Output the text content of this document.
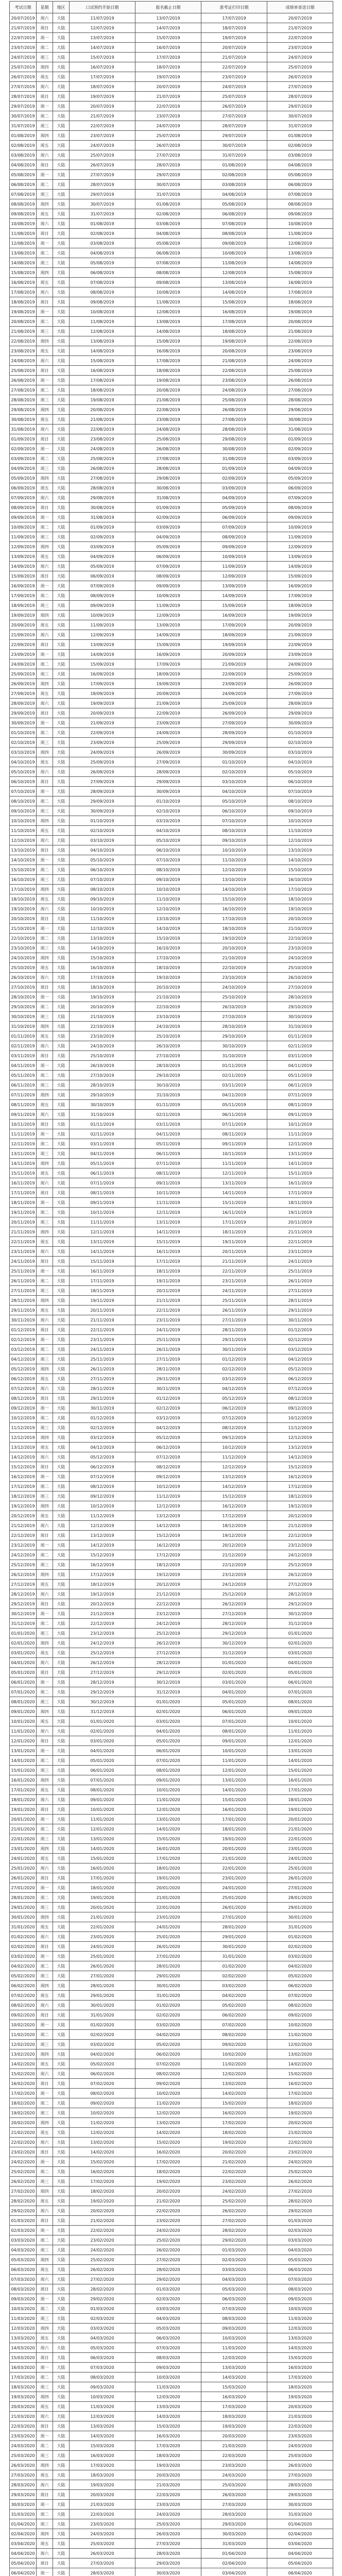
考试日期	星期	地区	口试预约开始日期	报名截止日期	准考证打印日期	成绩单寄送日期
20/07/2019	周六	大陆	11/07/2019	13/07/2019	17/07/2019	20/07/2019
21/07/2019	周日	大陆	12/07/2019	14/07/2019	18/07/2019	21/07/2019
22/07/2019	周一	大陆	13/07/2019	15/07/2019	19/07/2019	22/07/2019
23/07/2019	周二	大陆	14/07/2019	16/07/2019	20/07/2019	23/07/2019
24/07/2019	周三	大陆	15/07/2019	17/07/2019	21/07/2019	24/07/2019
25/07/2019	周四	大陆	16/07/2019	18/07/2019	22/07/2019	25/07/2019
26/07/2019	周五	大陆	17/07/2019	19/07/2019	23/07/2019	26/07/2019
27/07/2019	周六	大陆	18/07/2019	20/07/2019	24/07/2019	27/07/2019
28/07/2019	周日	大陆	19/07/2019	21/07/2019	25/07/2019	28/07/2019
29/07/2019	周一	大陆	20/07/2019	22/07/2019	26/07/2019	29/07/2019
30/07/2019	周二	大陆	21/07/2019	23/07/2019	27/07/2019	30/07/2019
31/07/2019	周三	大陆	22/07/2019	24/07/2019	28/07/2019	31/07/2019
01/08/2019	周四	大陆	23/07/2019	25/07/2019	29/07/2019	01/08/2019
02/08/2019	周五	大陆	24/07/2019	26/07/2019	30/07/2019	02/08/2019
03/08/2019	周六	大陆	25/07/2019	27/07/2019	31/07/2019	03/08/2019
04/08/2019	周日	大陆	26/07/2019	28/07/2019	01/08/2019	04/08/2019
05/08/2019	周一	大陆	27/07/2019	29/07/2019	02/08/2019	05/08/2019
06/08/2019	周二	大陆	28/07/2019	30/07/2019	03/08/2019	06/08/2019
07/08/2019	周三	大陆	29/07/2019	31/07/2019	04/08/2019	07/08/2019
08/08/2019	周四	大陆	30/07/2019	01/08/2019	05/08/2019	08/08/2019
09/08/2019	周五	大陆	31/07/2019	02/08/2019	06/08/2019	09/08/2019
10/08/2019	周六	大陆	01/08/2019	03/08/2019	07/08/2019	10/08/2019
11/08/2019	周日	大陆	02/08/2019	04/08/2019	08/08/2019	11/08/2019
12/08/2019	周一	大陆	03/08/2019	05/08/2019	09/08/2019	12/08/2019
13/08/2019	周二	大陆	04/08/2019	06/08/2019	10/08/2019	13/08/2019
14/08/2019	周三	大陆	05/08/2019	07/08/2019	11/08/2019	14/08/2019
15/08/2019	周四	大陆	06/08/2019	08/08/2019	12/08/2019	15/08/2019
16/08/2019	周五	大陆	07/08/2019	09/08/2019	13/08/2019	16/08/2019
17/08/2019	周六	大陆	08/08/2019	10/08/2019	14/08/2019	17/08/2019
18/08/2019	周日	大陆	09/08/2019	11/08/2019	15/08/2019	18/08/2019
19/08/2019	周一	大陆	10/08/2019	12/08/2019	16/08/2019	19/08/2019
20/08/2019	周二	大陆	11/08/2019	13/08/2019	17/08/2019	20/08/2019
21/08/2019	周三	大陆	12/08/2019	14/08/2019	18/08/2019	21/08/2019
22/08/2019	周四	大陆	13/08/2019	15/08/2019	19/08/2019	22/08/2019
23/08/2019	周五	大陆	14/08/2019	16/08/2019	20/08/2019	23/08/2019
24/08/2019	周六	大陆	15/08/2019	17/08/2019	21/08/2019	24/08/2019
25/08/2019	周日	大陆	16/08/2019	18/08/2019	22/08/2019	25/08/2019
26/08/2019	周一	大陆	17/08/2019	19/08/2019	23/08/2019	26/08/2019
27/08/2019	周二	大陆	18/08/2019	20/08/2019	24/08/2019	27/08/2019
28/08/2019	周三	大陆	19/08/2019	21/08/2019	25/08/2019	28/08/2019
29/08/2019	周四	大陆	20/08/2019	22/08/2019	26/08/2019	29/08/2019
30/08/2019	周五	大陆	21/08/2019	23/08/2019	27/08/2019	30/08/2019
31/08/2019	周六	大陆	22/08/2019	24/08/2019	28/08/2019	31/08/2019
01/09/2019	周日	大陆	23/08/2019	25/08/2019	29/08/2019	01/09/2019
02/09/2019	周一	大陆	24/08/2019	26/08/2019	30/08/2019	02/09/2019
03/09/2019	周二	大陆	25/08/2019	27/08/2019	31/08/2019	03/09/2019
04/09/2019	周三	大陆	26/08/2019	28/08/2019	01/09/2019	04/09/2019
05/09/2019	周四	大陆	27/08/2019	29/08/2019	02/09/2019	05/09/2019
06/09/2019	周五	大陆	28/08/2019	30/08/2019	03/09/2019	06/09/2019
07/09/2019	周六	大陆	29/08/2019	31/08/2019	04/09/2019	07/09/2019
08/09/2019	周日	大陆	30/08/2019	01/09/2019	05/09/2019	08/09/2019
09/09/2019	周一	大陆	31/08/2019	02/09/2019	06/09/2019	09/09/2019
10/09/2019	周二	大陆	01/09/2019	03/09/2019	07/09/2019	10/09/2019
11/09/2019	周三	大陆	02/09/2019	04/09/2019	08/09/2019	11/09/2019
12/09/2019	周四	大陆	03/09/2019	05/09/2019	09/09/2019	12/09/2019
13/09/2019	周五	大陆	04/09/2019	06/09/2019	10/09/2019	13/09/2019
14/09/2019	周六	大陆	05/09/2019	07/09/2019	11/09/2019	14/09/2019
15/09/2019	周日	大陆	06/09/2019	08/09/2019	12/09/2019	15/09/2019
16/09/2019	周一	大陆	07/09/2019	09/09/2019	13/09/2019	16/09/2019
17/09/2019	周二	大陆	08/09/2019	10/09/2019	14/09/2019	17/09/2019
18/09/2019	周三	大陆	09/09/2019	11/09/2019	15/09/2019	18/09/2019
19/09/2019	周四	大陆	10/09/2019	12/09/2019	16/09/2019	19/09/2019
20/09/2019	周五	大陆	11/09/2019	13/09/2019	17/09/2019	20/09/2019
21/09/2019	周六	大陆	12/09/2019	14/09/2019	18/09/2019	21/09/2019
22/09/2019	周日	大陆	13/09/2019	15/09/2019	19/09/2019	22/09/2019
23/09/2019	周一	大陆	14/09/2019	16/09/2019	20/09/2019	23/09/2019
24/09/2019	周二	大陆	15/09/2019	17/09/2019	21/09/2019	24/09/2019
25/09/2019	周三	大陆	16/09/2019	18/09/2019	22/09/2019	25/09/2019
26/09/2019	周四	大陆	17/09/2019	19/09/2019	23/09/2019	26/09/2019
27/09/2019	周五	大陆	18/09/2019	20/09/2019	24/09/2019	27/09/2019
28/09/2019	周六	大陆	19/09/2019	21/09/2019	25/09/2019	28/09/2019
29/09/2019	周日	大陆	20/09/2019	22/09/2019	26/09/2019	29/09/2019
30/09/2019	周一	大陆	21/09/2019	23/09/2019	27/09/2019	30/09/2019
01/10/2019	周二	大陆	22/09/2019	24/09/2019	28/09/2019	01/10/2019
02/10/2019	周三	大陆	23/09/2019	25/09/2019	29/09/2019	02/10/2019
03/10/2019	周四	大陆	24/09/2019	26/09/2019	30/09/2019	03/10/2019
04/10/2019	周五	大陆	25/09/2019	27/09/2019	01/10/2019	04/10/2019
05/10/2019	周六	大陆	26/09/2019	28/09/2019	02/10/2019	05/10/2019
06/10/2019	周日	大陆	27/09/2019	29/09/2019	03/10/2019	06/10/2019
07/10/2019	周一	大陆	28/09/2019	30/09/2019	04/10/2019	07/10/2019
08/10/2019	周二	大陆	29/09/2019	01/10/2019	05/10/2019	08/10/2019
09/10/2019	周三	大陆	30/09/2019	02/10/2019	06/10/2019	09/10/2019
10/10/2019	周四	大陆	01/10/2019	03/10/2019	07/10/2019	10/10/2019
11/10/2019	周五	大陆	02/10/2019	04/10/2019	08/10/2019	11/10/2019
12/10/2019	周六	大陆	03/10/2019	05/10/2019	09/10/2019	12/10/2019
13/10/2019	周日	大陆	04/10/2019	06/10/2019	10/10/2019	13/10/2019
14/10/2019	周一	大陆	05/10/2019	07/10/2019	11/10/2019	14/10/2019
15/10/2019	周二	大陆	06/10/2019	08/10/2019	12/10/2019	15/10/2019
16/10/2019	周三	大陆	07/10/2019	09/10/2019	13/10/2019	16/10/2019
17/10/2019	周四	大陆	08/10/2019	10/10/2019	14/10/2019	17/10/2019
18/10/2019	周五	大陆	09/10/2019	11/10/2019	15/10/2019	18/10/2019
19/10/2019	周六	大陆	10/10/2019	12/10/2019	16/10/2019	19/10/2019
20/10/2019	周日	大陆	11/10/2019	13/10/2019	17/10/2019	20/10/2019
21/10/2019	周一	大陆	12/10/2019	14/10/2019	18/10/2019	21/10/2019
22/10/2019	周二	大陆	13/10/2019	15/10/2019	19/10/2019	22/10/2019
23/10/2019	周三	大陆	14/10/2019	16/10/2019	20/10/2019	23/10/2019
24/10/2019	周四	大陆	15/10/2019	17/10/2019	21/10/2019	24/10/2019
25/10/2019	周五	大陆	16/10/2019	18/10/2019	22/10/2019	25/10/2019
26/10/2019	周六	大陆	17/10/2019	19/10/2019	23/10/2019	26/10/2019
27/10/2019	周日	大陆	18/10/2019	20/10/2019	24/10/2019	27/10/2019
28/10/2019	周一	大陆	19/10/2019	21/10/2019	25/10/2019	28/10/2019
29/10/2019	周二	大陆	20/10/2019	22/10/2019	26/10/2019	29/10/2019
30/10/2019	周三	大陆	21/10/2019	23/10/2019	27/10/2019	30/10/2019
31/10/2019	周四	大陆	22/10/2019	24/10/2019	28/10/2019	31/10/2019
01/11/2019	周五	大陆	23/10/2019	25/10/2019	29/10/2019	01/11/2019
02/11/2019	周六	大陆	24/10/2019	26/10/2019	30/10/2019	02/11/2019
03/11/2019	周日	大陆	25/10/2019	27/10/2019	31/10/2019	03/11/2019
04/11/2019	周一	大陆	26/10/2019	28/10/2019	01/11/2019	04/11/2019
05/11/2019	周二	大陆	27/10/2019	29/10/2019	02/11/2019	05/11/2019
06/11/2019	周三	大陆	28/10/2019	30/10/2019	03/11/2019	06/11/2019
07/11/2019	周四	大陆	29/10/2019	31/10/2019	04/11/2019	07/11/2019
08/11/2019	周五	大陆	30/10/2019	01/11/2019	05/11/2019	08/11/2019
09/11/2019	周六	大陆	31/10/2019	02/11/2019	06/11/2019	09/11/2019
10/11/2019	周日	大陆	01/11/2019	03/11/2019	07/11/2019	10/11/2019
11/11/2019	周一	大陆	02/11/2019	04/11/2019	08/11/2019	11/11/2019
12/11/2019	周二	大陆	03/11/2019	05/11/2019	09/11/2019	12/11/2019
13/11/2019	周三	大陆	04/11/2019	06/11/2019	10/11/2019	13/11/2019
14/11/2019	周四	大陆	05/11/2019	07/11/2019	11/11/2019	14/11/2019
15/11/2019	周五	大陆	06/11/2019	08/11/2019	12/11/2019	15/11/2019
16/11/2019	周六	大陆	07/11/2019	09/11/2019	13/11/2019	16/11/2019
17/11/2019	周日	大陆	08/11/2019	10/11/2019	14/11/2019	17/11/2019
18/11/2019	周一	大陆	09/11/2019	11/11/2019	15/11/2019	18/11/2019
19/11/2019	周二	大陆	10/11/2019	12/11/2019	16/11/2019	19/11/2019
20/11/2019	周三	大陆	11/11/2019	13/11/2019	17/11/2019	20/11/2019
21/11/2019	周四	大陆	12/11/2019	14/11/2019	18/11/2019	21/11/2019
22/11/2019	周五	大陆	13/11/2019	15/11/2019	19/11/2019	22/11/2019
23/11/2019	周六	大陆	14/11/2019	16/11/2019	20/11/2019	23/11/2019
24/11/2019	周日	大陆	15/11/2019	17/11/2019	21/11/2019	24/11/2019
25/11/2019	周一	大陆	16/11/2019	18/11/2019	22/11/2019	25/11/2019
26/11/2019	周二	大陆	17/11/2019	19/11/2019	23/11/2019	26/11/2019
27/11/2019	周三	大陆	18/11/2019	20/11/2019	24/11/2019	27/11/2019
28/11/2019	周四	大陆	19/11/2019	21/11/2019	25/11/2019	28/11/2019
29/11/2019	周五	大陆	20/11/2019	22/11/2019	26/11/2019	29/11/2019
30/11/2019	周六	大陆	21/11/2019	23/11/2019	27/11/2019	30/11/2019
01/12/2019	周日	大陆	22/11/2019	24/11/2019	28/11/2019	01/12/2019
02/12/2019	周一	大陆	23/11/2019	25/11/2019	29/11/2019	02/12/2019
03/12/2019	周二	大陆	24/11/2019	26/11/2019	30/11/2019	03/12/2019
04/12/2019	周三	大陆	25/11/2019	27/11/2019	01/12/2019	04/12/2019
05/12/2019	周四	大陆	26/11/2019	28/11/2019	02/12/2019	05/12/2019
06/12/2019	周五	大陆	27/11/2019	29/11/2019	03/12/2019	06/12/2019
07/12/2019	周六	大陆	28/11/2019	30/11/2019	04/12/2019	07/12/2019
08/12/2019	周日	大陆	29/11/2019	01/12/2019	05/12/2019	08/12/2019
09/12/2019	周一	大陆	30/11/2019	02/12/2019	06/12/2019	09/12/2019
10/12/2019	周二	大陆	01/12/2019	03/12/2019	07/12/2019	10/12/2019
11/12/2019	周三	大陆	02/12/2019	04/12/2019	08/12/2019	11/12/2019
12/12/2019	周四	大陆	03/12/2019	05/12/2019	09/12/2019	12/12/2019
13/12/2019	周五	大陆	04/12/2019	06/12/2019	10/12/2019	13/12/2019
14/12/2019	周六	大陆	05/12/2019	07/12/2019	11/12/2019	14/12/2019
15/12/2019	周日	大陆	06/12/2019	08/12/2019	12/12/2019	15/12/2019
16/12/2019	周一	大陆	07/12/2019	09/12/2019	13/12/2019	16/12/2019
17/12/2019	周二	大陆	08/12/2019	10/12/2019	14/12/2019	17/12/2019
18/12/2019	周三	大陆	09/12/2019	11/12/2019	15/12/2019	18/12/2019
19/12/2019	周四	大陆	10/12/2019	12/12/2019	16/12/2019	19/12/2019
20/12/2019	周五	大陆	11/12/2019	13/12/2019	17/12/2019	20/12/2019
21/12/2019	周六	大陆	12/12/2019	14/12/2019	18/12/2019	21/12/2019
22/12/2019	周日	大陆	13/12/2019	15/12/2019	19/12/2019	22/12/2019
23/12/2019	周一	大陆	14/12/2019	16/12/2019	20/12/2019	23/12/2019
24/12/2019	周二	大陆	15/12/2019	17/12/2019	21/12/2019	24/12/2019
25/12/2019	周三	大陆	16/12/2019	18/12/2019	22/12/2019	25/12/2019
26/12/2019	周四	大陆	17/12/2019	19/12/2019	23/12/2019	26/12/2019
27/12/2019	周五	大陆	18/12/2019	20/12/2019	24/12/2019	27/12/2019
28/12/2019	周六	大陆	19/12/2019	21/12/2019	25/12/2019	28/12/2019
29/12/2019	周日	大陆	20/12/2019	22/12/2019	26/12/2019	29/12/2019
30/12/2019	周一	大陆	21/12/2019	23/12/2019	27/12/2019	30/12/2019
31/12/2019	周二	大陆	22/12/2019	24/12/2019	28/12/2019	31/12/2019
01/01/2020	周三	大陆	23/12/2019	25/12/2019	29/12/2019	01/01/2020
02/01/2020	周四	大陆	24/12/2019	26/12/2019	30/12/2019	02/01/2020
03/01/2020	周五	大陆	25/12/2019	27/12/2019	31/12/2019	03/01/2020
04/01/2020	周六	大陆	26/12/2019	28/12/2019	01/01/2020	04/01/2020
05/01/2020	周日	大陆	27/12/2019	29/12/2019	02/01/2020	05/01/2020
06/01/2020	周一	大陆	28/12/2019	30/12/2019	03/01/2020	06/01/2020
07/01/2020	周二	大陆	29/12/2019	31/12/2019	04/01/2020	07/01/2020
08/01/2020	周三	大陆	30/12/2019	01/01/2020	05/01/2020	08/01/2020
09/01/2020	周四	大陆	31/12/2019	02/01/2020	06/01/2020	09/01/2020
10/01/2020	周五	大陆	01/01/2020	03/01/2020	07/01/2020	10/01/2020
11/01/2020	周六	大陆	02/01/2020	04/01/2020	08/01/2020	11/01/2020
12/01/2020	周日	大陆	03/01/2020	05/01/2020	09/01/2020	12/01/2020
13/01/2020	周一	大陆	04/01/2020	06/01/2020	10/01/2020	13/01/2020
14/01/2020	周二	大陆	05/01/2020	07/01/2020	11/01/2020	14/01/2020
15/01/2020	周三	大陆	06/01/2020	08/01/2020	12/01/2020	15/01/2020
16/01/2020	周四	大陆	07/01/2020	09/01/2020	13/01/2020	16/01/2020
17/01/2020	周五	大陆	08/01/2020	10/01/2020	14/01/2020	17/01/2020
18/01/2020	周六	大陆	09/01/2020	11/01/2020	15/01/2020	18/01/2020
19/01/2020	周日	大陆	10/01/2020	12/01/2020	16/01/2020	19/01/2020
20/01/2020	周一	大陆	11/01/2020	13/01/2020	17/01/2020	20/01/2020
21/01/2020	周二	大陆	12/01/2020	14/01/2020	18/01/2020	21/01/2020
22/01/2020	周三	大陆	13/01/2020	15/01/2020	19/01/2020	22/01/2020
23/01/2020	周四	大陆	14/01/2020	16/01/2020	20/01/2020	23/01/2020
24/01/2020	周五	大陆	15/01/2020	17/01/2020	21/01/2020	24/01/2020
25/01/2020	周六	大陆	16/01/2020	18/01/2020	22/01/2020	25/01/2020
26/01/2020	周日	大陆	17/01/2020	19/01/2020	23/01/2020	26/01/2020
27/01/2020	周一	大陆	18/01/2020	20/01/2020	24/01/2020	27/01/2020
28/01/2020	周二	大陆	19/01/2020	21/01/2020	25/01/2020	28/01/2020
29/01/2020	周三	大陆	20/01/2020	22/01/2020	26/01/2020	29/01/2020
30/01/2020	周四	大陆	21/01/2020	23/01/2020	27/01/2020	30/01/2020
31/01/2020	周五	大陆	22/01/2020	24/01/2020	28/01/2020	31/01/2020
01/02/2020	周六	大陆	23/01/2020	25/01/2020	29/01/2020	01/02/2020
02/02/2020	周日	大陆	24/01/2020	26/01/2020	30/01/2020	02/02/2020
03/02/2020	周一	大陆	25/01/2020	27/01/2020	31/01/2020	03/02/2020
04/02/2020	周二	大陆	26/01/2020	28/01/2020	01/02/2020	04/02/2020
05/02/2020	周三	大陆	27/01/2020	29/01/2020	02/02/2020	05/02/2020
06/02/2020	周四	大陆	28/01/2020	30/01/2020	03/02/2020	06/02/2020
07/02/2020	周五	大陆	29/01/2020	31/01/2020	04/02/2020	07/02/2020
08/02/2020	周六	大陆	30/01/2020	01/02/2020	05/02/2020	08/02/2020
09/02/2020	周日	大陆	31/01/2020	02/02/2020	06/02/2020	09/02/2020
10/02/2020	周一	大陆	01/02/2020	03/02/2020	07/02/2020	10/02/2020
11/02/2020	周二	大陆	02/02/2020	04/02/2020	08/02/2020	11/02/2020
12/02/2020	周三	大陆	03/02/2020	05/02/2020	09/02/2020	12/02/2020
13/02/2020	周四	大陆	04/02/2020	06/02/2020	10/02/2020	13/02/2020
14/02/2020	周五	大陆	05/02/2020	07/02/2020	11/02/2020	14/02/2020
15/02/2020	周六	大陆	06/02/2020	08/02/2020	12/02/2020	15/02/2020
16/02/2020	周日	大陆	07/02/2020	09/02/2020	13/02/2020	16/02/2020
17/02/2020	周一	大陆	08/02/2020	10/02/2020	14/02/2020	17/02/2020
18/02/2020	周二	大陆	09/02/2020	11/02/2020	15/02/2020	18/02/2020
19/02/2020	周三	大陆	10/02/2020	12/02/2020	16/02/2020	19/02/2020
20/02/2020	周四	大陆	11/02/2020	13/02/2020	17/02/2020	20/02/2020
21/02/2020	周五	大陆	12/02/2020	14/02/2020	18/02/2020	21/02/2020
22/02/2020	周六	大陆	13/02/2020	15/02/2020	19/02/2020	22/02/2020
23/02/2020	周日	大陆	14/02/2020	16/02/2020	20/02/2020	23/02/2020
24/02/2020	周一	大陆	15/02/2020	17/02/2020	21/02/2020	24/02/2020
25/02/2020	周二	大陆	16/02/2020	18/02/2020	22/02/2020	25/02/2020
26/02/2020	周三	大陆	17/02/2020	19/02/2020	23/02/2020	26/02/2020
27/02/2020	周四	大陆	18/02/2020	20/02/2020	24/02/2020	27/02/2020
28/02/2020	周五	大陆	19/02/2020	21/02/2020	25/02/2020	28/02/2020
29/02/2020	周六	大陆	20/02/2020	22/02/2020	26/02/2020	29/02/2020
01/03/2020	周日	大陆	21/02/2020	23/02/2020	27/02/2020	01/03/2020
02/03/2020	周一	大陆	22/02/2020	24/02/2020	28/02/2020	02/03/2020
03/03/2020	周二	大陆	23/02/2020	25/02/2020	29/02/2020	03/03/2020
04/03/2020	周三	大陆	24/02/2020	26/02/2020	01/03/2020	04/03/2020
05/03/2020	周四	大陆	25/02/2020	27/02/2020	02/03/2020	05/03/2020
06/03/2020	周五	大陆	26/02/2020	28/02/2020	03/03/2020	06/03/2020
07/03/2020	周六	大陆	27/02/2020	29/02/2020	04/03/2020	07/03/2020
08/03/2020	周日	大陆	28/02/2020	01/03/2020	05/03/2020	08/03/2020
09/03/2020	周一	大陆	29/02/2020	02/03/2020	06/03/2020	09/03/2020
10/03/2020	周二	大陆	01/03/2020	03/03/2020	07/03/2020	10/03/2020
11/03/2020	周三	大陆	02/03/2020	04/03/2020	08/03/2020	11/03/2020
12/03/2020	周四	大陆	03/03/2020	05/03/2020	09/03/2020	12/03/2020
13/03/2020	周五	大陆	04/03/2020	06/03/2020	10/03/2020	13/03/2020
14/03/2020	周六	大陆	05/03/2020	07/03/2020	11/03/2020	14/03/2020
15/03/2020	周日	大陆	06/03/2020	08/03/2020	12/03/2020	15/03/2020
16/03/2020	周一	大陆	07/03/2020	09/03/2020	13/03/2020	16/03/2020
17/03/2020	周二	大陆	08/03/2020	10/03/2020	14/03/2020	17/03/2020
18/03/2020	周三	大陆	09/03/2020	11/03/2020	15/03/2020	18/03/2020
19/03/2020	周四	大陆	10/03/2020	12/03/2020	16/03/2020	19/03/2020
20/03/2020	周五	大陆	11/03/2020	13/03/2020	17/03/2020	20/03/2020
21/03/2020	周六	大陆	12/03/2020	14/03/2020	18/03/2020	21/03/2020
22/03/2020	周日	大陆	13/03/2020	15/03/2020	19/03/2020	22/03/2020
23/03/2020	周一	大陆	14/03/2020	16/03/2020	20/03/2020	23/03/2020
24/03/2020	周二	大陆	15/03/2020	17/03/2020	21/03/2020	24/03/2020
25/03/2020	周三	大陆	16/03/2020	18/03/2020	22/03/2020	25/03/2020
26/03/2020	周四	大陆	17/03/2020	19/03/2020	23/03/2020	26/03/2020
27/03/2020	周五	大陆	18/03/2020	20/03/2020	24/03/2020	27/03/2020
28/03/2020	周六	大陆	19/03/2020	21/03/2020	25/03/2020	28/03/2020
29/03/2020	周日	大陆	20/03/2020	22/03/2020	26/03/2020	29/03/2020
30/03/2020	周一	大陆	21/03/2020	23/03/2020	27/03/2020	30/03/2020
31/03/2020	周二	大陆	22/03/2020	24/03/2020	28/03/2020	31/03/2020
01/04/2020	周三	大陆	23/03/2020	25/03/2020	29/03/2020	01/04/2020
02/04/2020	周四	大陆	24/03/2020	26/03/2020	30/03/2020	02/04/2020
03/04/2020	周五	大陆	25/03/2020	27/03/2020	31/03/2020	03/04/2020
04/04/2020	周六	大陆	26/03/2020	28/03/2020	01/04/2020	04/04/2020
05/04/2020	周日	大陆	27/03/2020	29/03/2020	02/04/2020	05/04/2020
06/04/2020	周一	大陆	28/03/2020	30/03/2020	03/04/2020	06/04/2020
